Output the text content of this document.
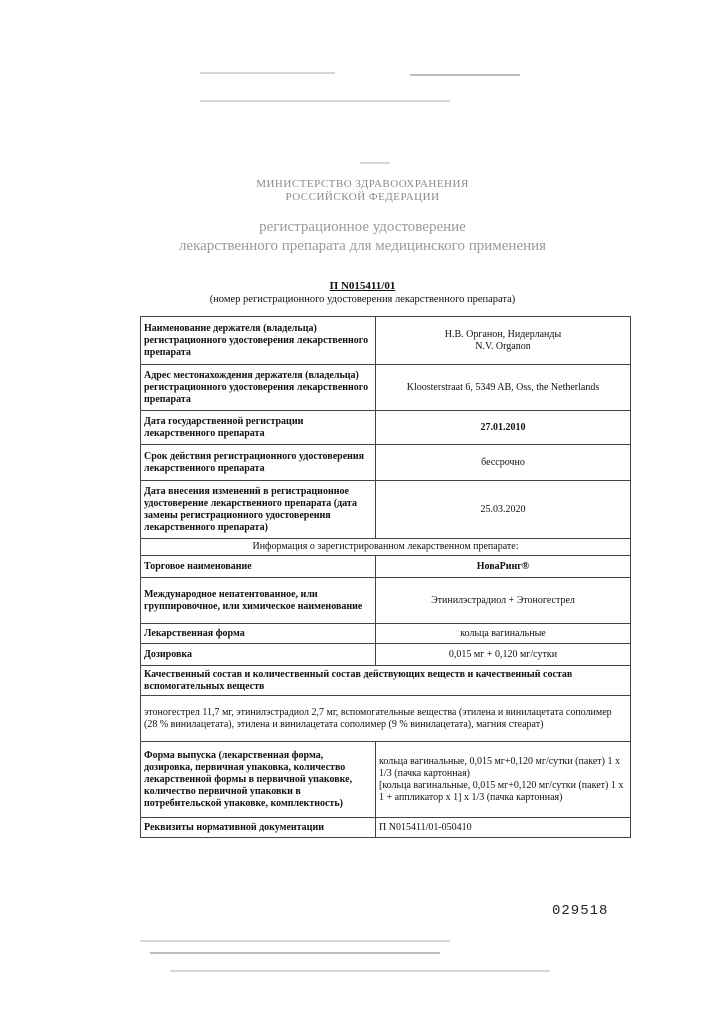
МИНИСТЕРСТВО ЗДРАВООХРАНЕНИЯ
РОССИЙСКОЙ ФЕДЕРАЦИИ
регистрационное удостоверение
лекарственного препарата для медицинского применения
П N015411/01
(номер регистрационного удостоверения лекарственного препарата)
Наименование держателя (владельца) регистрационного удостоверения лекарственного препарата	Н.В. Органон, Нидерланды
N.V. Organon

Адрес местонахождения держателя (владельца) регистрационного удостоверения лекарственного препарата	Kloosterstraat 6, 5349 AB, Oss, the Netherlands
Дата государственной регистрации лекарственного препарата	27.01.2010
Срок действия регистрационного удостоверения лекарственного препарата	бессрочно
Дата внесения изменений в регистрационное удостоверение лекарственного препарата (дата замены регистрационного удостоверения лекарственного препарата)	25.03.2020
Информация о зарегистрированном лекарственном препарате:	
Торговое наименование	НоваРинг®
Международное непатентованное, или группировочное, или химическое наименование	Этинилэстрадиол + Этоногестрел
Лекарственная форма	кольца вагинальные
Дозировка	0,015 мг + 0,120 мг/сутки
Качественный состав и количественный состав действующих веществ и качественный состав вспомогательных веществ	
этоногестрел 11,7 мг, этинилэстрадиол 2,7 мг, вспомогательные вещества (этилена и винилацетата сополимер (28 % винилацетата), этилена и винилацетата сополимер (9 % винилацетата), магния стеарат)	
Форма выпуска (лекарственная форма, дозировка, первичная упаковка, количество лекарственной формы в первичной упаковке, количество первичной упаковки в потребительской упаковке, комплектность)	кольца вагинальные, 0,015 мг+0,120 мг/сутки (пакет) 1 x 1/3 (пачка картонная)
[кольца вагинальные, 0,015 мг+0,120 мг/сутки (пакет) 1 x 1 + аппликатор x 1] x 1/3 (пачка картонная)

Реквизиты нормативной документации	П N015411/01-050410
029518
